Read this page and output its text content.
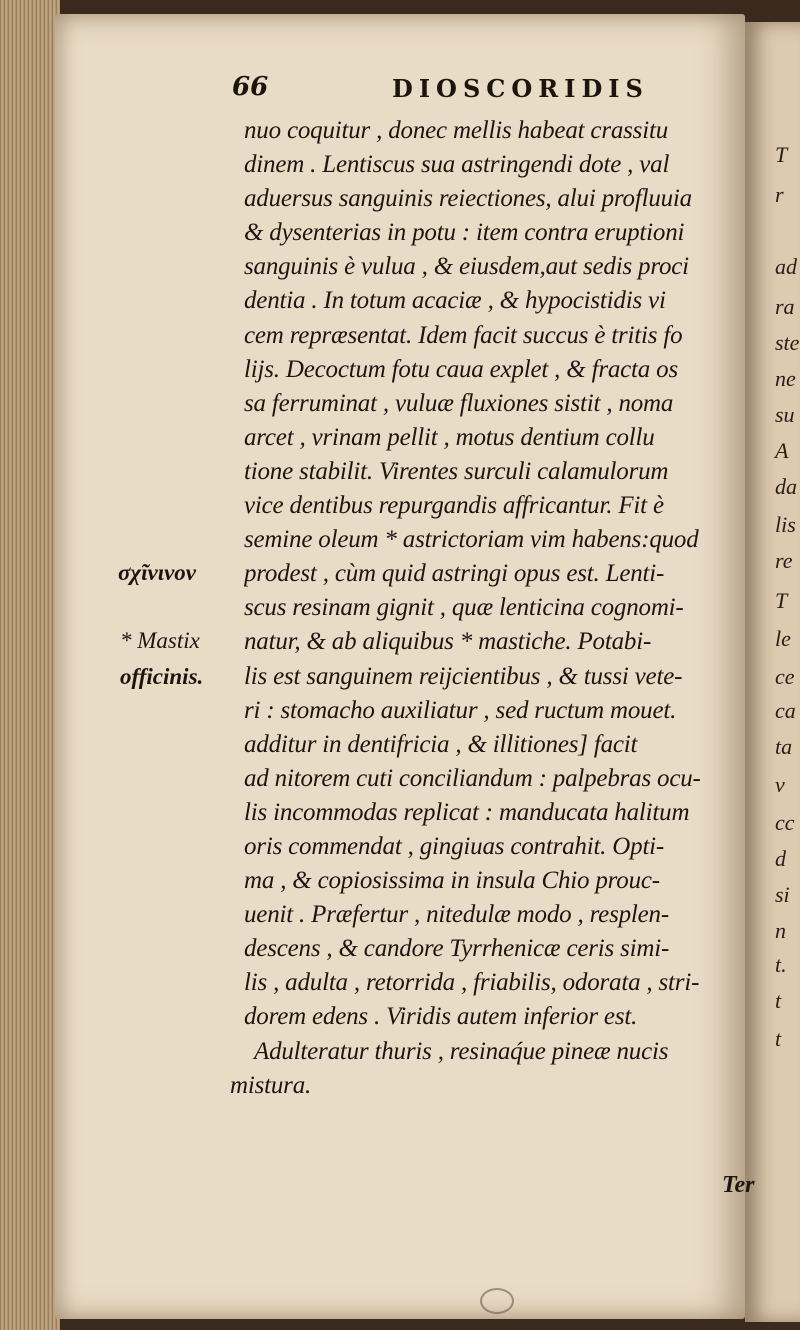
T
r
ad
ra
ste
ne
su
A
da
lis
re
T
le
ce
ca
ta
v
cc
d
si
n
t.
t
t
66	DIOSCORIDIS
σχῖνινον
* Mastix
officinis.
nuo coquitur , donec mellis habeat crassitu
dinem . Lentiscus sua astringendi dote , val
aduersus sanguinis reiectiones, alui profluuia
& dysenterias in potu : item contra eruptioni
sanguinis è vulua , & eiusdem,aut sedis proci
dentia . In totum acaciæ , & hypocistidis vi
cem repræsentat. Idem facit succus è tritis fo
lijs. Decoctum fotu caua explet , & fracta os
sa ferruminat , vuluæ fluxiones sistit , noma
arcet , vrinam pellit , motus dentium collu
tione stabilit. Virentes surculi calamulorum
vice dentibus repurgandis affricantur. Fit è
semine oleum * astrictoriam vim habens:quod
prodest , cùm quid astringi opus est. Lenti-
scus resinam gignit , quæ lenticina cognomi-
natur, & ab aliquibus * mastiche. Potabi-
lis est sanguinem reijcientibus , & tussi vete-
ri : stomacho auxiliatur , sed ructum mouet.
additur in dentifricia , & illitiones] facit
ad nitorem cuti conciliandum : palpebras ocu-
lis incommodas replicat : manducata halitum
oris commendat , gingiuas contrahit. Opti-
ma , & copiosissima in insula Chio prouc-
uenit . Præfertur , nitedulæ modo , resplen-
descens , & candore Tyrrhenicæ ceris simi-
lis , adulta , retorrida , friabilis, odorata , stri-
dorem edens . Viridis autem inferior est.
Adulteratur thuris , resinaq́ue pineæ nucis
mistura.
Ter
